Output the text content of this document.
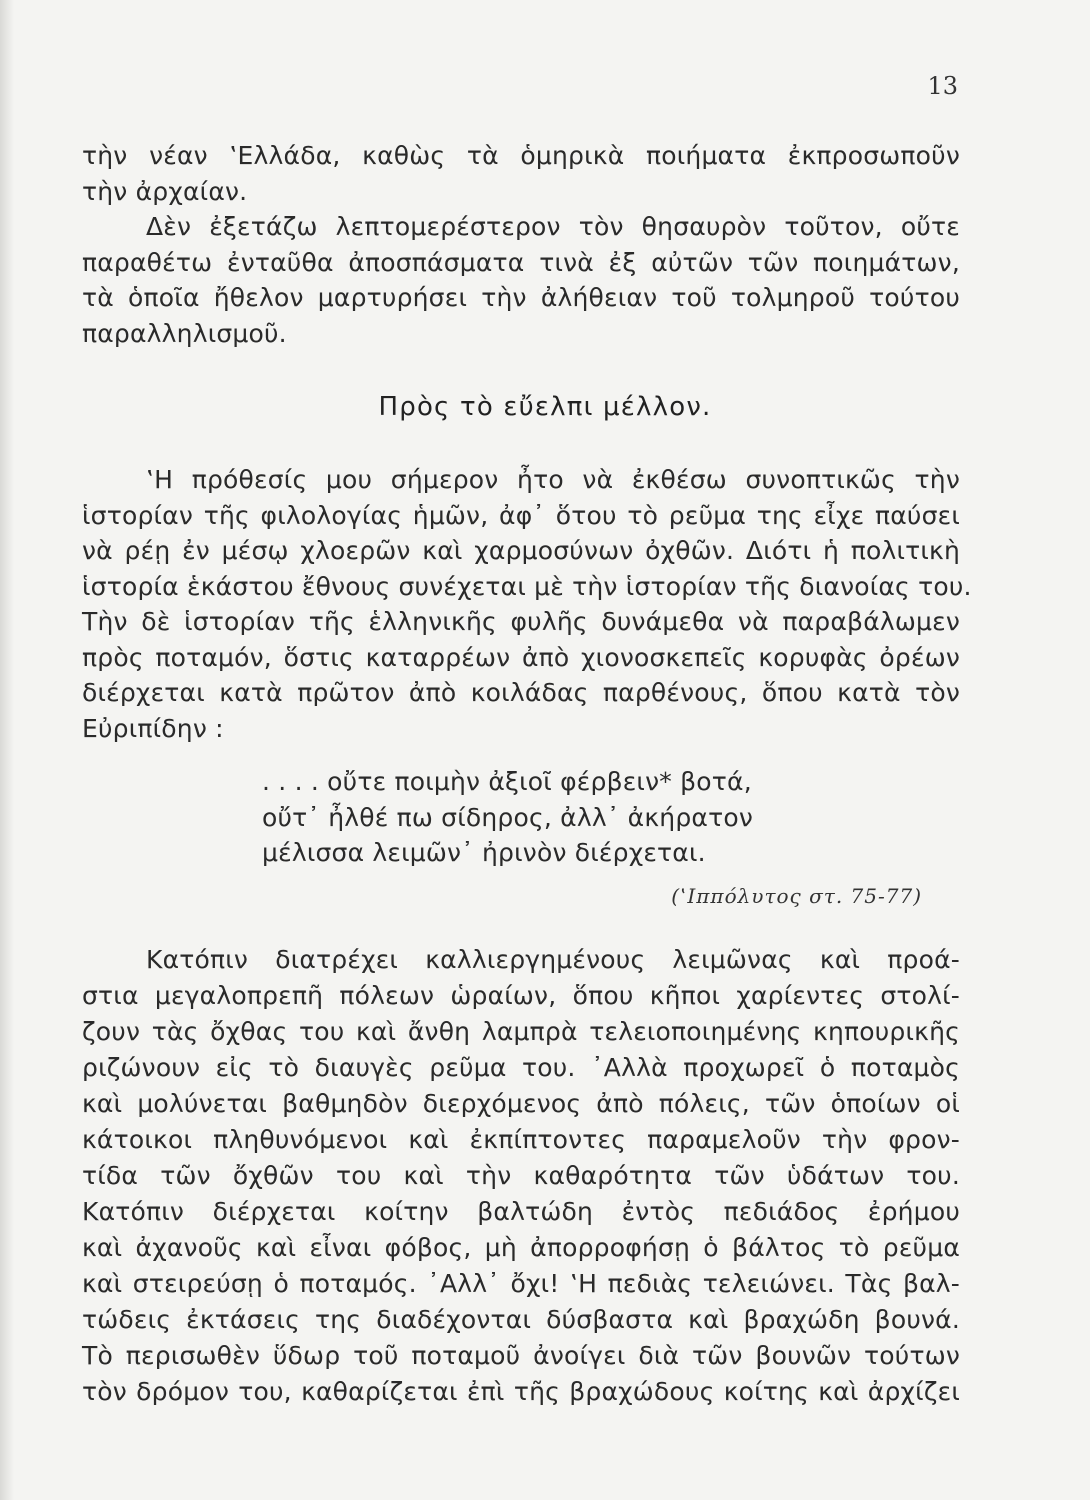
13
τὴν νέαν ‛Ελλάδα, καθὼς τὰ ὁμηρικὰ ποιήματα ἐκπροσωποῦν
τὴν ἀρχαίαν.
Δὲν ἐξετάζω λεπτομερέστερον τὸν θησαυρὸν τοῦτον, οὔτε
παραθέτω ἐνταῦθα ἀποσπάσματα τινὰ ἐξ αὐτῶν τῶν ποιημάτων,
τὰ ὁποῖα ἤθελον μαρτυρήσει τὴν ἀλήθειαν τοῦ τολμηροῦ τούτου
παραλληλισμοῦ.
Πρὸς τὸ εὔελπι μέλλον.
‛Η πρόθεσίς μου σήμερον ἦτο νὰ ἐκθέσω συνοπτικῶς τὴν
ἱστορίαν τῆς φιλολογίας ἡμῶν, ἀφ᾽ ὅτου τὸ ρεῦμα της εἶχε παύσει
νὰ ρέῃ ἐν μέσῳ χλοερῶν καὶ χαρμοσύνων ὀχθῶν. Διότι ἡ πολιτικὴ
ἱστορία ἑκάστου ἔθνους συνέχεται μὲ τὴν ἱστορίαν τῆς διανοίας του.
Τὴν δὲ ἱστορίαν τῆς ἑλληνικῆς φυλῆς δυνάμεθα νὰ παραβάλωμεν
πρὸς ποταμόν, ὅστις καταρρέων ἀπὸ χιονοσκεπεῖς κορυφὰς ὀρέων
διέρχεται κατὰ πρῶτον ἀπὸ κοιλάδας παρθένους, ὅπου κατὰ τὸν
Εὐριπίδην :
. . . . οὔτε ποιμὴν ἀξιοῖ φέρβειν* βοτά,
οὔτ᾽ ἦλθέ πω σίδηρος, ἀλλ᾽ ἀκήρατον
μέλισσα λειμῶν᾽ ἠρινὸν διέρχεται.
(‛Ιππόλυτος στ. 75-77)
Κατόπιν διατρέχει καλλιεργημένους λειμῶνας καὶ προά-
στια μεγαλοπρεπῆ πόλεων ὡραίων, ὅπου κῆποι χαρίεντες στολί-
ζουν τὰς ὄχθας του καὶ ἄνθη λαμπρὰ τελειοποιημένης κηπουρικῆς
ριζώνουν εἰς τὸ διαυγὲς ρεῦμα του. ᾽Αλλὰ προχωρεῖ ὁ ποταμὸς
καὶ μολύνεται βαθμηδὸν διερχόμενος ἀπὸ πόλεις, τῶν ὁποίων οἱ
κάτοικοι πληθυνόμενοι καὶ ἐκπίπτοντες παραμελοῦν τὴν φρον-
τίδα τῶν ὄχθῶν του καὶ τὴν καθαρότητα τῶν ὑδάτων του.
Κατόπιν διέρχεται κοίτην βαλτώδη ἐντὸς πεδιάδος ἐρήμου
καὶ ἀχανοῦς καὶ εἶναι φόβος, μὴ ἀπορροφήσῃ ὁ βάλτος τὸ ρεῦμα
καὶ στειρεύσῃ ὁ ποταμός. ᾽Αλλ᾽ ὄχι! ‛Η πεδιὰς τελειώνει. Τὰς βαλ-
τώδεις ἐκτάσεις της διαδέχονται δύσβαστα καὶ βραχώδη βουνά.
Τὸ περισωθὲν ὕδωρ τοῦ ποταμοῦ ἀνοίγει διὰ τῶν βουνῶν τούτων
τὸν δρόμον του, καθαρίζεται ἐπὶ τῆς βραχώδους κοίτης καὶ ἀρχίζει
